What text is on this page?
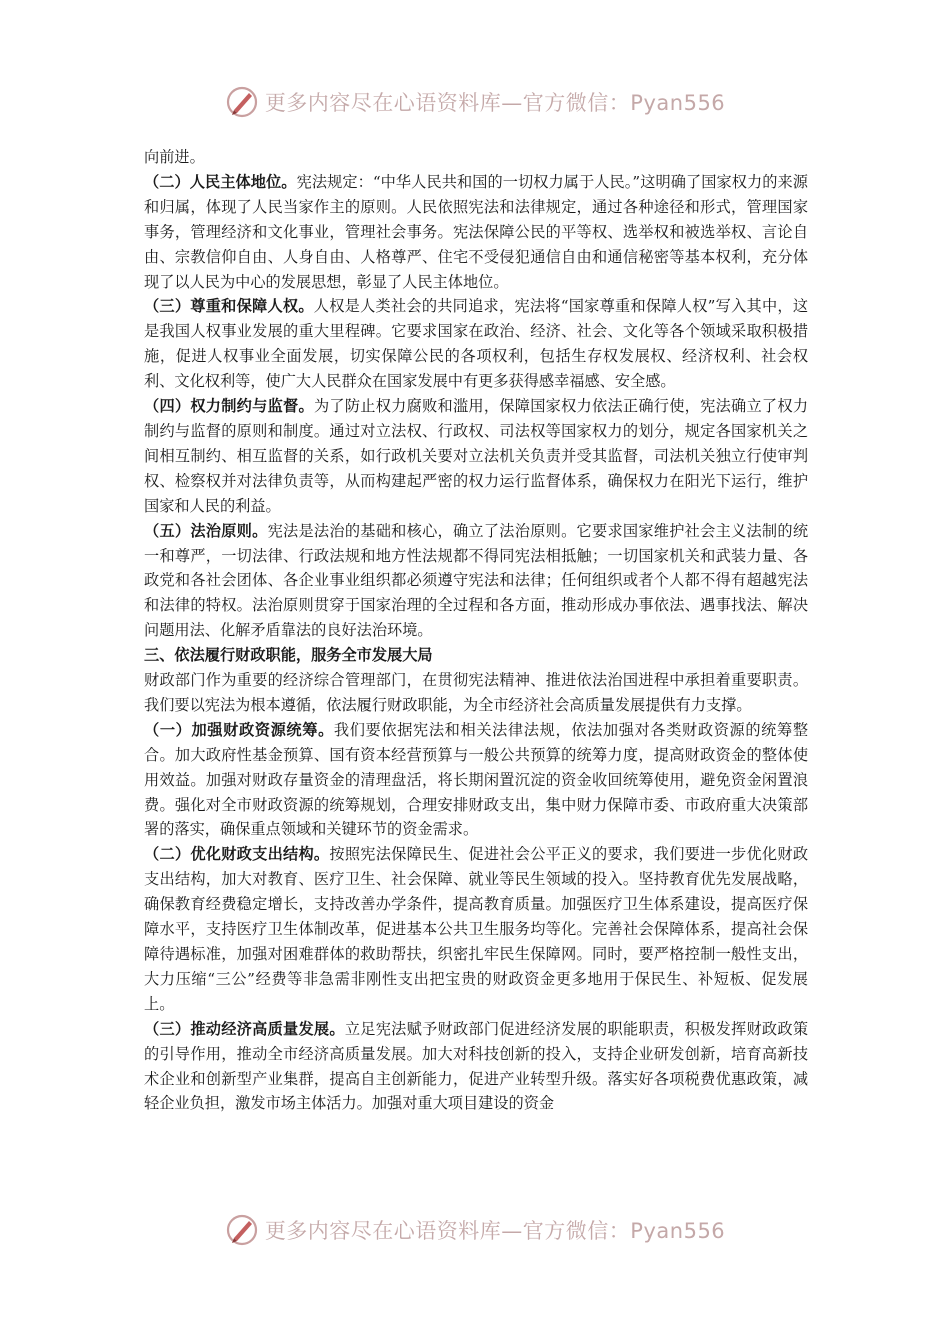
更多内容尽在心语资料库—官方微信：Pyan556

向前进。

（二）人民主体地位。宪法规定：“中华人民共和国的一切权力属于人民。”这明确了国家权力的来源和归属，体现了人民当家作主的原则。人民依照宪法和法律规定，通过各种途径和形式，管理国家事务，管理经济和文化事业，管理社会事务。宪法保障公民的平等权、选举权和被选举权、言论自由、宗教信仰自由、人身自由、人格尊严、住宅不受侵犯通信自由和通信秘密等基本权利，充分体现了以人民为中心的发展思想，彰显了人民主体地位。

（三）尊重和保障人权。人权是人类社会的共同追求，宪法将“国家尊重和保障人权”写入其中，这是我国人权事业发展的重大里程碑。它要求国家在政治、经济、社会、文化等各个领域采取积极措施，促进人权事业全面发展，切实保障公民的各项权利，包括生存权发展权、经济权利、社会权利、文化权利等，使广大人民群众在国家发展中有更多获得感幸福感、安全感。

（四）权力制约与监督。为了防止权力腐败和滥用，保障国家权力依法正确行使，宪法确立了权力制约与监督的原则和制度。通过对立法权、行政权、司法权等国家权力的划分，规定各国家机关之间相互制约、相互监督的关系，如行政机关要对立法机关负责并受其监督，司法机关独立行使审判权、检察权并对法律负责等，从而构建起严密的权力运行监督体系，确保权力在阳光下运行，维护国家和人民的利益。

（五）法治原则。宪法是法治的基础和核心，确立了法治原则。它要求国家维护社会主义法制的统一和尊严，一切法律、行政法规和地方性法规都不得同宪法相抵触；一切国家机关和武装力量、各政党和各社会团体、各企业事业组织都必须遵守宪法和法律；任何组织或者个人都不得有超越宪法和法律的特权。法治原则贯穿于国家治理的全过程和各方面，推动形成办事依法、遇事找法、解决问题用法、化解矛盾靠法的良好法治环境。

三、依法履行财政职能，服务全市发展大局

财政部门作为重要的经济综合管理部门，在贯彻宪法精神、推进依法治国进程中承担着重要职责。我们要以宪法为根本遵循，依法履行财政职能，为全市经济社会高质量发展提供有力支撑。

（一）加强财政资源统筹。我们要依据宪法和相关法律法规，依法加强对各类财政资源的统筹整合。加大政府性基金预算、国有资本经营预算与一般公共预算的统筹力度，提高财政资金的整体使用效益。加强对财政存量资金的清理盘活，将长期闲置沉淀的资金收回统筹使用，避免资金闲置浪费。强化对全市财政资源的统筹规划，合理安排财政支出，集中财力保障市委、市政府重大决策部署的落实，确保重点领域和关键环节的资金需求。

（二）优化财政支出结构。按照宪法保障民生、促进社会公平正义的要求，我们要进一步优化财政支出结构，加大对教育、医疗卫生、社会保障、就业等民生领域的投入。坚持教育优先发展战略，确保教育经费稳定增长，支持改善办学条件，提高教育质量。加强医疗卫生体系建设，提高医疗保障水平，支持医疗卫生体制改革，促进基本公共卫生服务均等化。完善社会保障体系，提高社会保障待遇标准，加强对困难群体的救助帮扶，织密扎牢民生保障网。同时，要严格控制一般性支出，大力压缩“三公”经费等非急需非刚性支出把宝贵的财政资金更多地用于保民生、补短板、促发展上。

（三）推动经济高质量发展。立足宪法赋予财政部门促进经济发展的职能职责，积极发挥财政政策的引导作用，推动全市经济高质量发展。加大对科技创新的投入，支持企业研发创新，培育高新技术企业和创新型产业集群，提高自主创新能力，促进产业转型升级。落实好各项税费优惠政策，减轻企业负担，激发市场主体活力。加强对重大项目建设的资金

更多内容尽在心语资料库—官方微信：Pyan556
